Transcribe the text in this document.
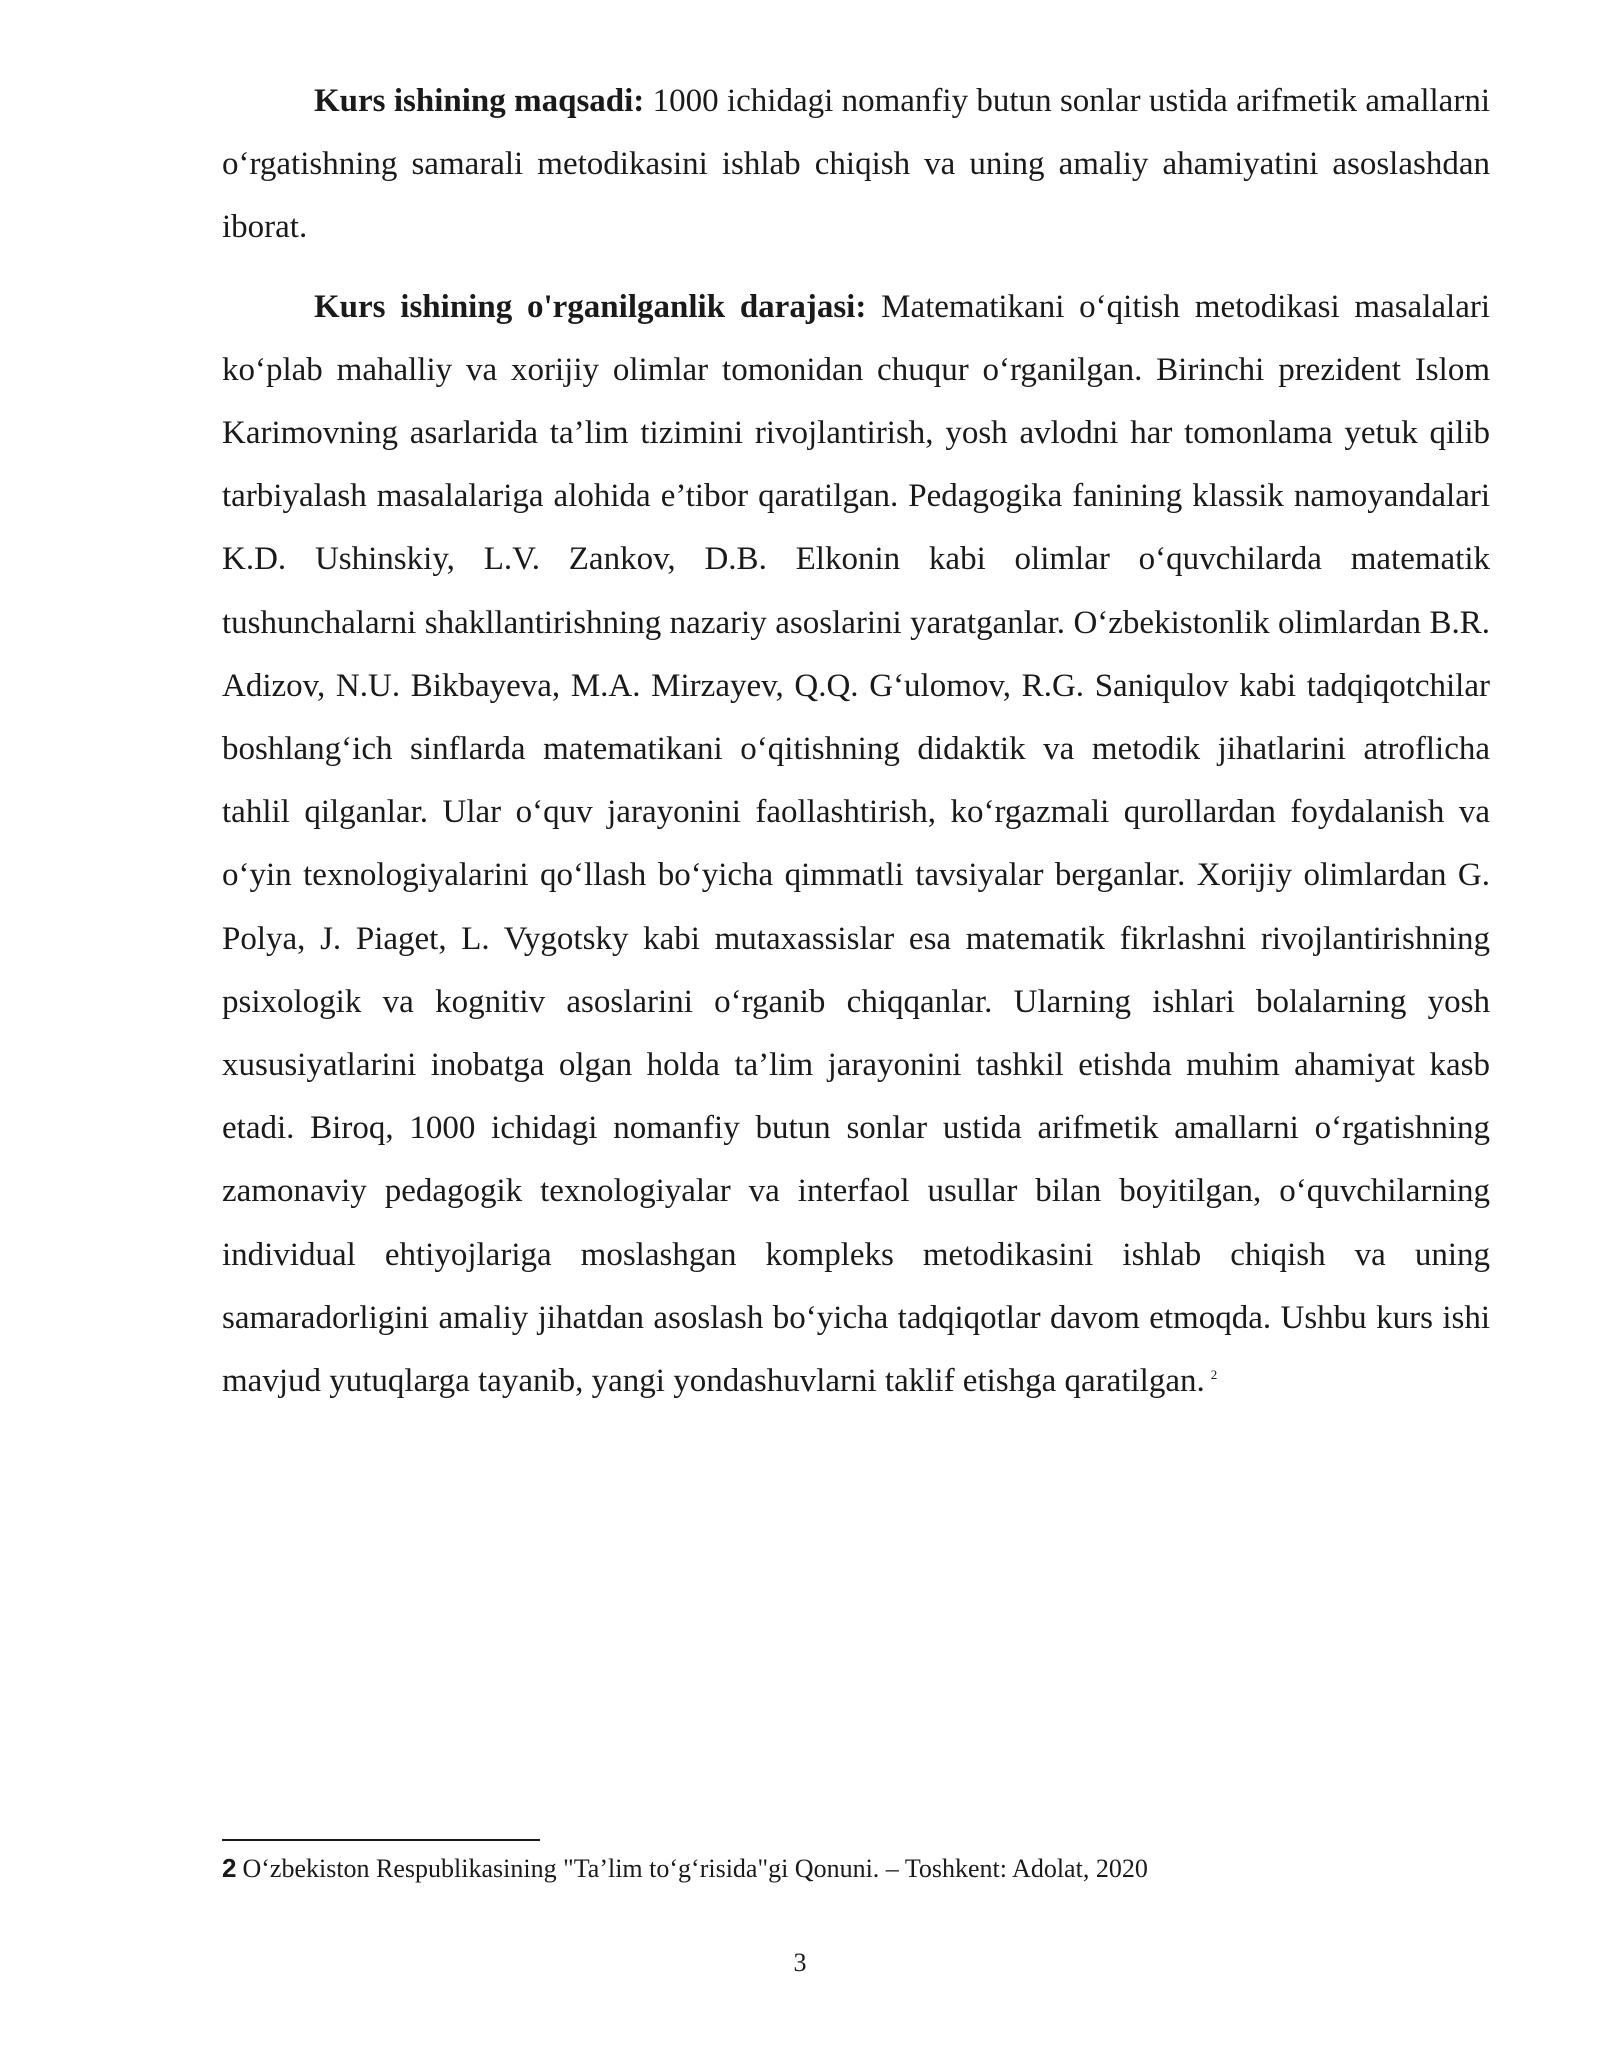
Kurs ishining maqsadi: 1000 ichidagi nomanfiy butun sonlar ustida arifmetik amallarni o‘rgatishning samarali metodikasini ishlab chiqish va uning amaliy ahamiyatini asoslashdan iborat.

Kurs ishining o'rganilganlik darajasi: Matematikani o‘qitish metodikasi masalalari ko‘plab mahalliy va xorijiy olimlar tomonidan chuqur o‘rganilgan. Birinchi prezident Islom Karimovning asarlarida ta’lim tizimini rivojlantirish, yosh avlodni har tomonlama yetuk qilib tarbiyalash masalalariga alohida e’tibor qaratilgan. Pedagogika fanining klassik namoyandalari K.D. Ushinskiy, L.V. Zankov, D.B. Elkonin kabi olimlar o‘quvchilarda matematik tushunchalarni shakllantirishning nazariy asoslarini yaratganlar. O‘zbekistonlik olimlardan B.R. Adizov, N.U. Bikbayeva, M.A. Mirzayev, Q.Q. G‘ulomov, R.G. Saniqulov kabi tadqiqotchilar boshlang‘ich sinflarda matematikani o‘qitishning didaktik va metodik jihatlarini atroflicha tahlil qilganlar. Ular o‘quv jarayonini faollashtirish, ko‘rgazmali qurollardan foydalanish va o‘yin texnologiyalarini qo‘llash bo‘yicha qimmatli tavsiyalar berganlar. Xorijiy olimlardan G. Polya, J. Piaget, L. Vygotsky kabi mutaxassislar esa matematik fikrlashni rivojlantirishning psixologik va kognitiv asoslarini o‘rganib chiqqanlar. Ularning ishlari bolalarning yosh xususiyatlarini inobatga olgan holda ta’lim jarayonini tashkil etishda muhim ahamiyat kasb etadi. Biroq, 1000 ichidagi nomanfiy butun sonlar ustida arifmetik amallarni o‘rgatishning zamonaviy pedagogik texnologiyalar va interfaol usullar bilan boyitilgan, o‘quvchilarning individual ehtiyojlariga moslashgan kompleks metodikasini ishlab chiqish va uning samaradorligini amaliy jihatdan asoslash bo‘yicha tadqiqotlar davom etmoqda. Ushbu kurs ishi mavjud yutuqlarga tayanib, yangi yondashuvlarni taklif etishga qaratilgan. $^2$

2 O‘zbekiston Respublikasining "Ta’lim to‘g‘risida"gi Qonuni. – Toshkent: Adolat, 2020
3
